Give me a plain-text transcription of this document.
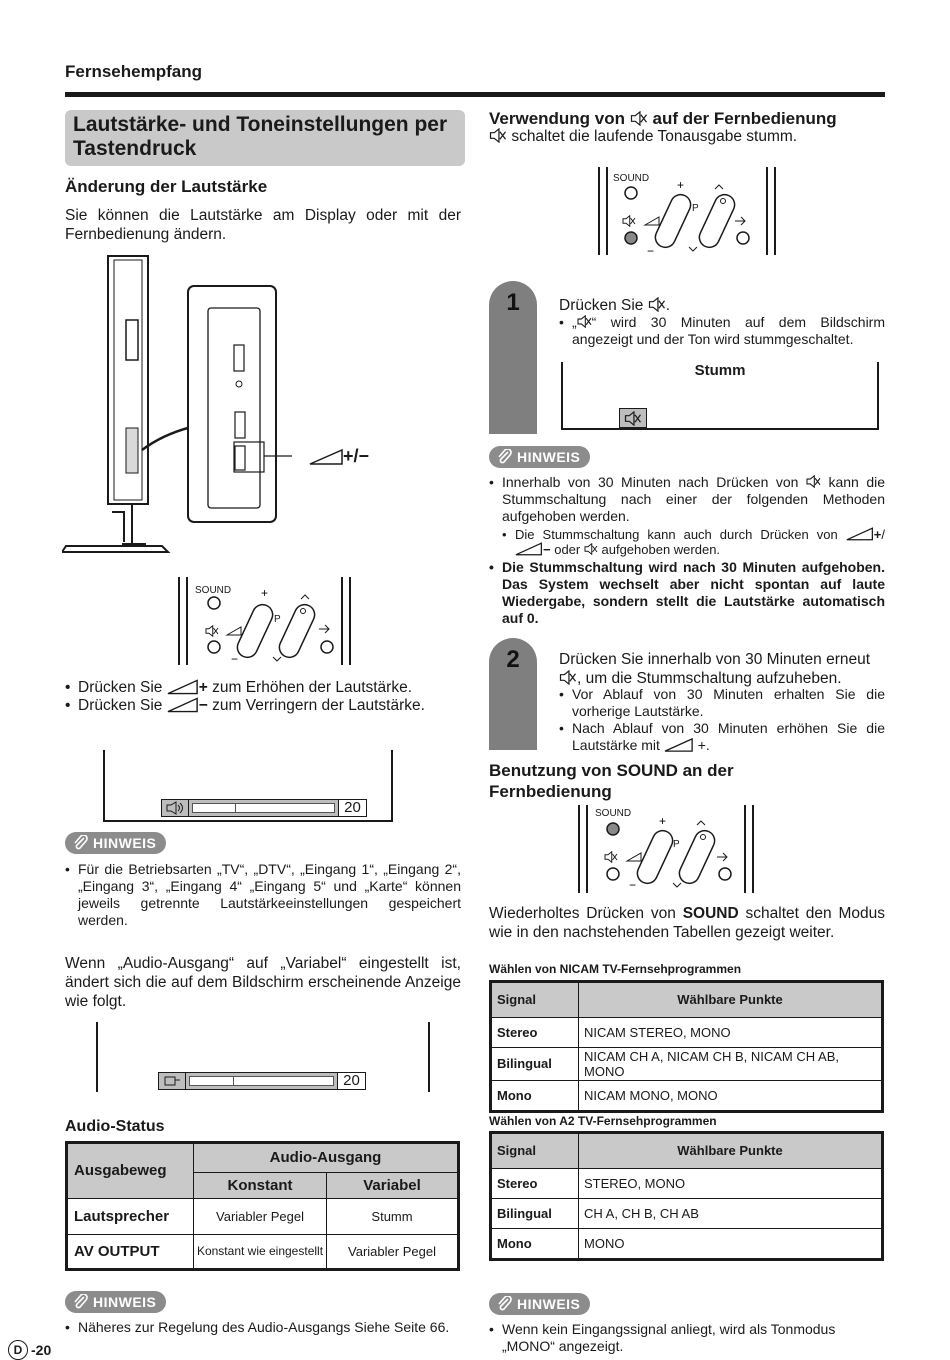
Fernsehempfang
Lautstärke- und Toneinstellungen per Tastendruck
Änderung der Lautstärke
Sie können die Lautstärke am Display oder mit der Fernbedienung ändern.
+/−
+
−
SOUND
P
• Drücken Sie + zum Erhöhen der Lautstärke.
• Drücken Sie − zum Verringern der Lautstärke.
20
HINWEIS
• Für die Betriebsarten „TV“, „DTV“, „Eingang 1“, „Eingang 2“, „Eingang 3“, „Eingang 4“ „Eingang 5“ und „Karte“ können jeweils getrennte Lautstärkeeinstellungen gespeichert werden.
Wenn „Audio-Ausgang“ auf „Variabel“ eingestellt ist, ändert sich die auf dem Bildschirm erscheinende Anzeige wie folgt.
20
Audio-Status
Ausgabeweg	Audio-Ausgang	
	Konstant	Variabel
Lautsprecher	Variabler Pegel	Stumm
AV OUTPUT	Konstant wie eingestellt	Variabler Pegel
HINWEIS
• Näheres zur Regelung des Audio-Ausgangs Siehe Seite 66.
D -20
Verwendung von auf der Fernbedienung
schaltet die laufende Tonausgabe stumm.
+
−
SOUND
P
1	Drücken Sie .
• „ “ wird 30 Minuten auf dem Bildschirm angezeigt und der Ton wird stummgeschaltet.
Stumm
HINWEIS
• Innerhalb von 30 Minuten nach Drücken von kann die Stummschaltung nach einer der folgenden Methoden aufgehoben werden.
• Die Stummschaltung kann auch durch Drücken von	+/ − oder aufgehoben werden.
• Die Stummschaltung wird nach 30 Minuten aufgehoben. Das System wechselt aber nicht spontan auf laute Wiedergabe, sondern stellt die Lautstärke automatisch auf 0.
2	Drücken Sie innerhalb von 30 Minuten erneut , um die Stummschaltung aufzuheben.
• Vor Ablauf von 30 Minuten erhalten Sie die vorherige Lautstärke.
• Nach Ablauf von 30 Minuten erhöhen Sie die Lautstärke mit	+.
Benutzung von SOUND an der Fernbedienung
+
−
SOUND
P
Wiederholtes Drücken von SOUND schaltet den Modus wie in den nachstehenden Tabellen gezeigt weiter.
Wählen von NICAM TV-Fernsehprogrammen
Signal	Wählbare Punkte
Stereo	NICAM STEREO, MONO
Bilingual	NICAM CH A, NICAM CH B, NICAM CH AB, MONO
Mono	NICAM MONO, MONO
Wählen von A2 TV-Fernsehprogrammen
Signal	Wählbare Punkte
Stereo	STEREO, MONO
Bilingual	CH A, CH B, CH AB
Mono	MONO
HINWEIS
• Wenn kein Eingangssignal anliegt, wird als Tonmodus „MONO“ angezeigt.
